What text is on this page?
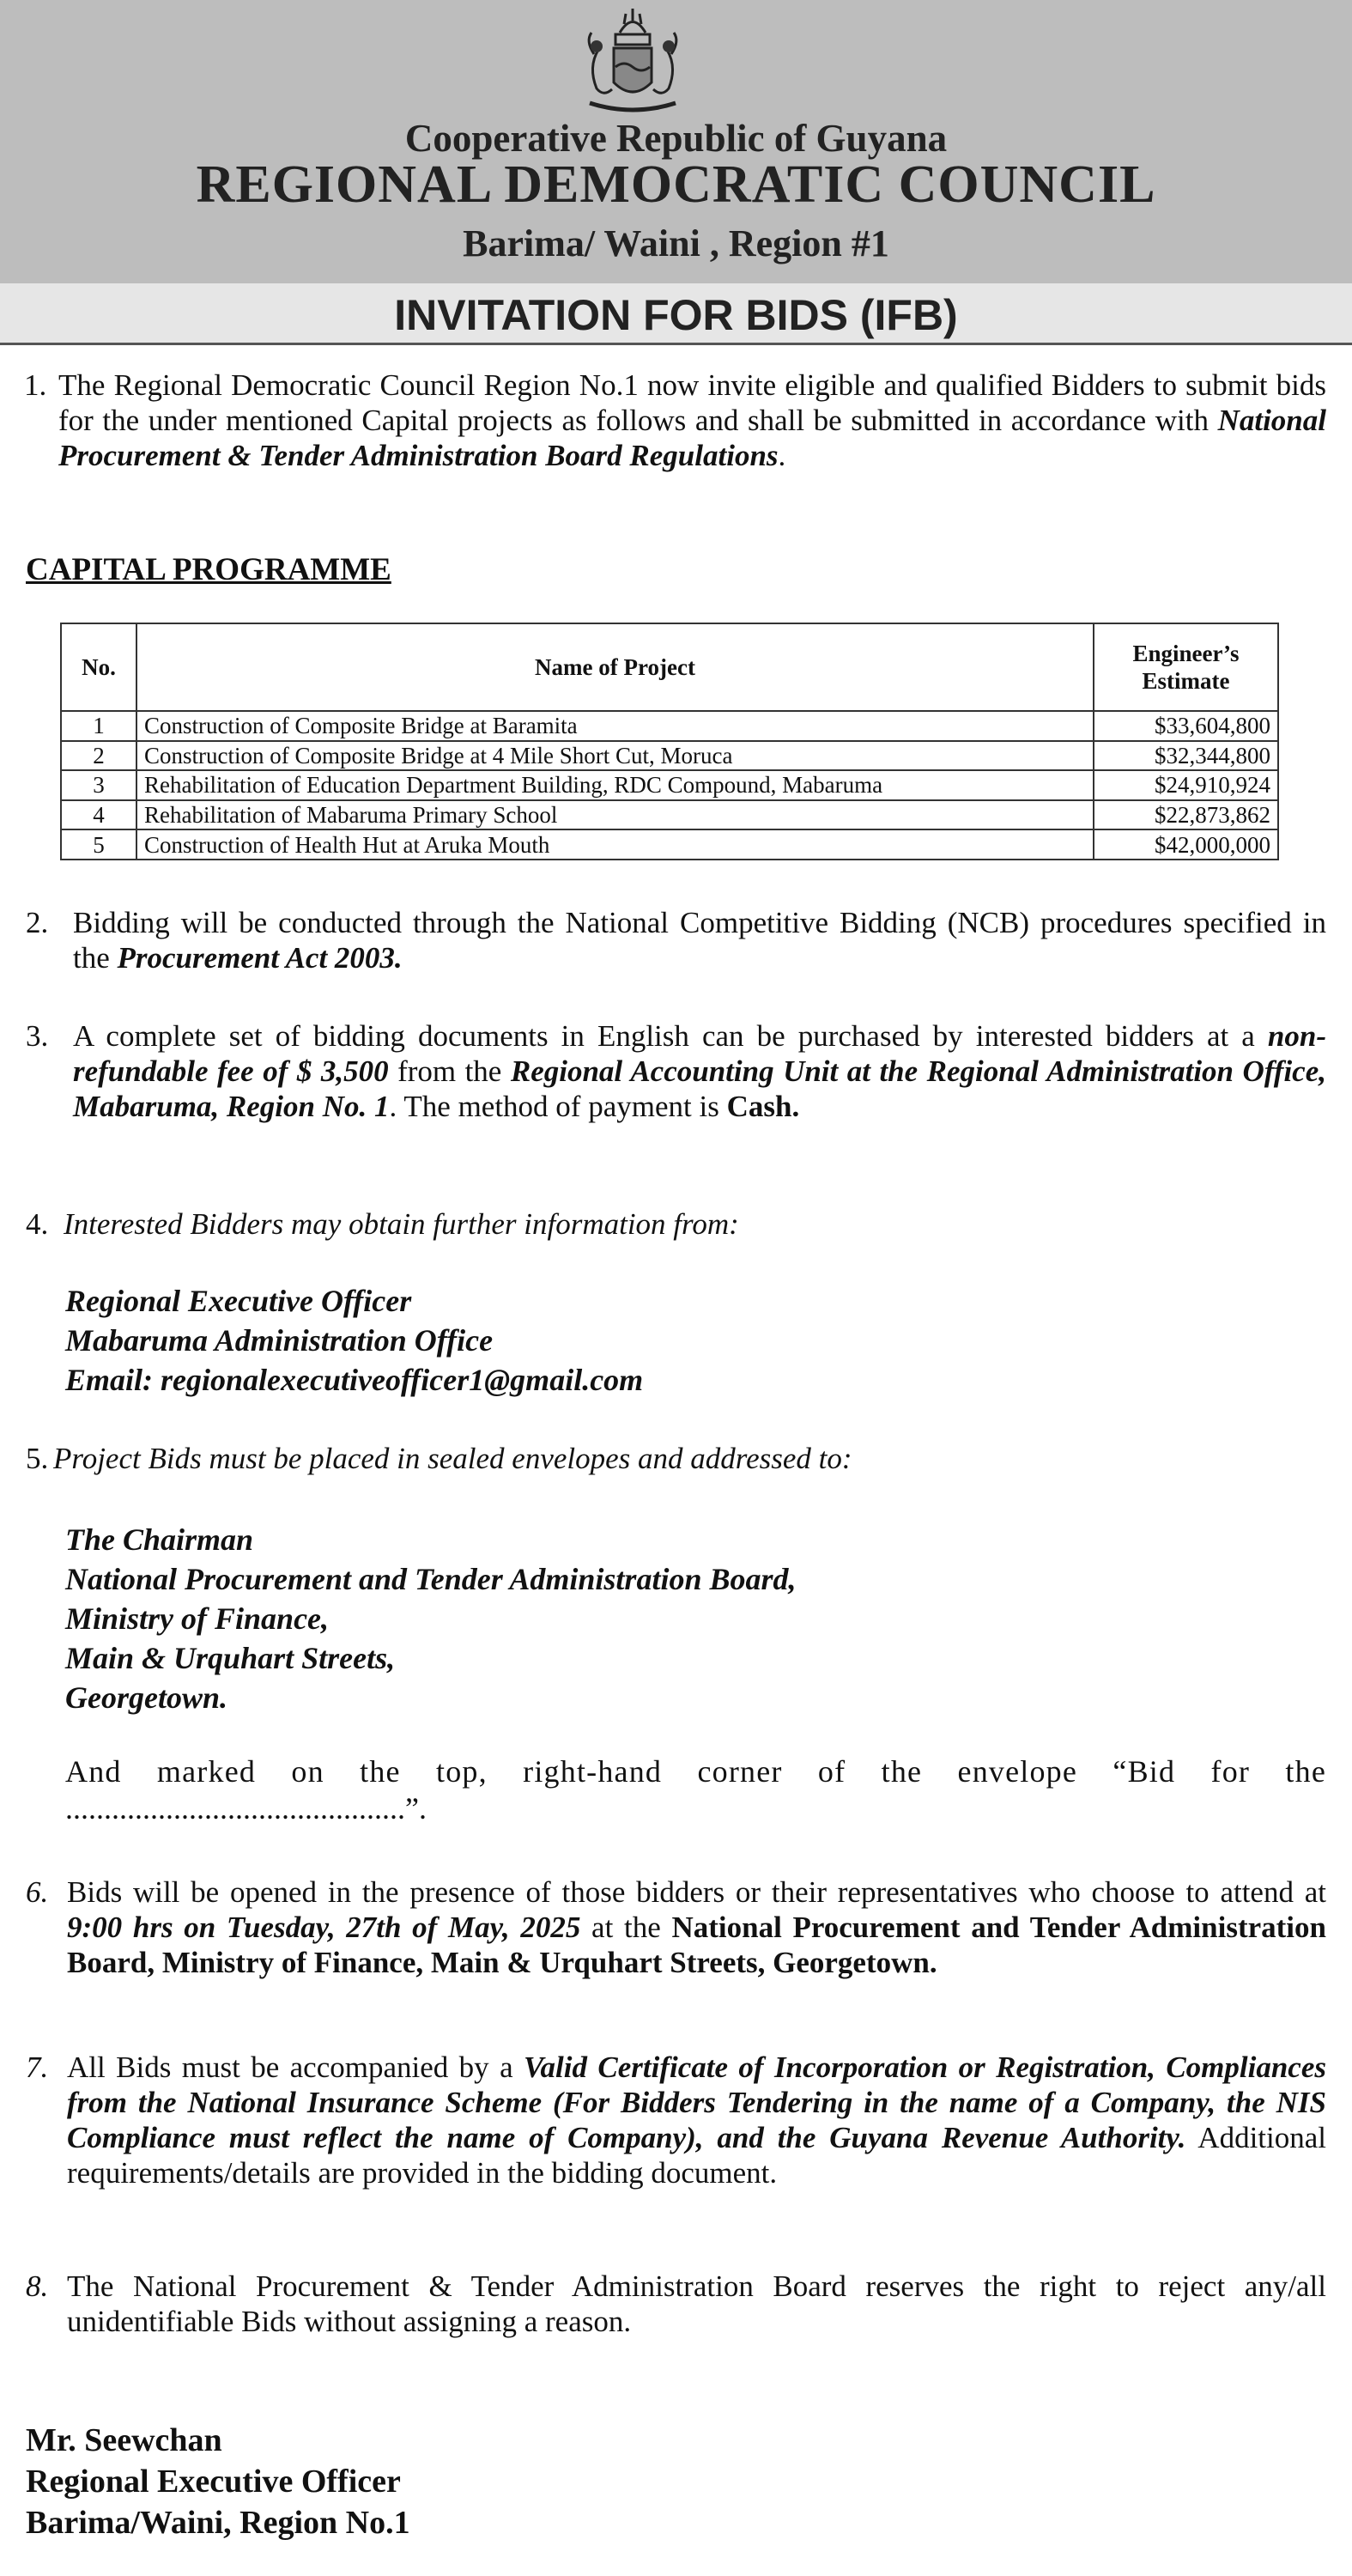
Cooperative Republic of Guyana
REGIONAL DEMOCRATIC COUNCIL
Barima/ Waini , Region #1
INVITATION FOR BIDS (IFB)
1. The Regional Democratic Council Region No.1 now invite eligible and qualified Bidders to submit bids for the under mentioned Capital projects as follows and shall be submitted in accordance with National Procurement & Tender Administration Board Regulations.
CAPITAL PROGRAMME
No.	Name of Project	Engineer’s Estimate
1	Construction of Composite Bridge at Baramita	$33,604,800
2	Construction of Composite Bridge at 4 Mile Short Cut, Moruca	$32,344,800
3	Rehabilitation of Education Department Building, RDC Compound, Mabaruma	$24,910,924
4	Rehabilitation of Mabaruma Primary School	$22,873,862
5	Construction of Health Hut at Aruka Mouth	$42,000,000
2. Bidding will be conducted through the National Competitive Bidding (NCB) procedures specified in the Procurement Act 2003.
3. A complete set of bidding documents in English can be purchased by interested bidders at a non-refundable fee of $ 3,500 from the Regional Accounting Unit at the Regional Administration Office, Mabaruma, Region No. 1. The method of payment is Cash.
4. Interested Bidders may obtain further information from:
Regional Executive Officer
Mabaruma Administration Office
Email: regionalexecutiveofficer1@gmail.com
5. Project Bids must be placed in sealed envelopes and addressed to:
The Chairman
National Procurement and Tender Administration Board,
Ministry of Finance,
Main & Urquhart Streets,
Georgetown.
And marked on the top, right-hand corner of the envelope “Bid for the
............................................”.
6. Bids will be opened in the presence of those bidders or their representatives who choose to attend at 9:00 hrs on Tuesday, 27th of May, 2025 at the National Procurement and Tender Administration Board, Ministry of Finance, Main & Urquhart Streets, Georgetown.
7. All Bids must be accompanied by a Valid Certificate of Incorporation or Registration, Compliances from the National Insurance Scheme (For Bidders Tendering in the name of a Company, the NIS Compliance must reflect the name of Company), and the Guyana Revenue Authority. Additional requirements/details are provided in the bidding document.
8. The National Procurement & Tender Administration Board reserves the right to reject any/all unidentifiable Bids without assigning a reason.
Mr. Seewchan
Regional Executive Officer
Barima/Waini, Region No.1
